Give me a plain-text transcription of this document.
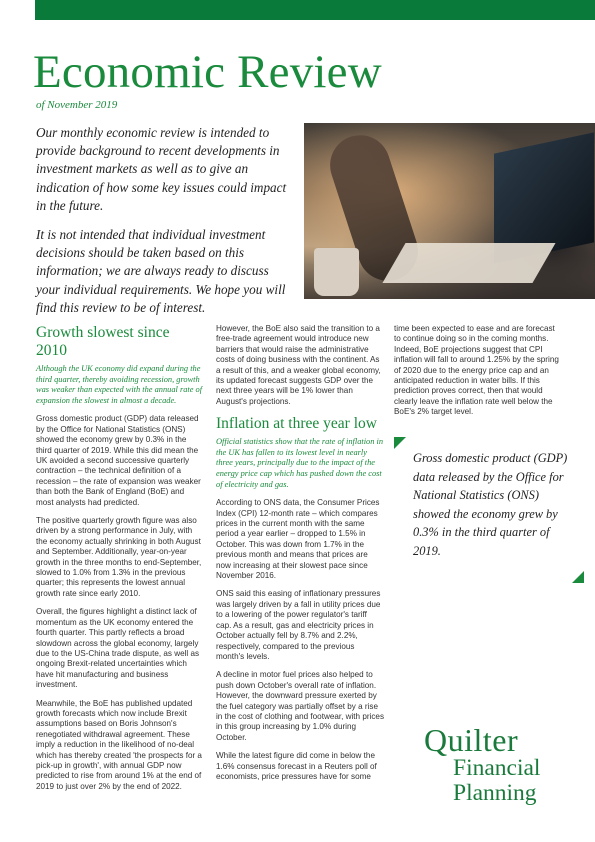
Economic Review
of November 2019

Our monthly economic review is intended to provide background to recent developments in investment markets as well as to give an indication of how some key issues could impact in the future.

It is not intended that individual investment decisions should be taken based on this information; we are always ready to discuss your individual requirements. We hope you will find this review to be of interest.

Growth slowest since 2010

Although the UK economy did expand during the third quarter, thereby avoiding recession, growth was weaker than expected with the annual rate of expansion the slowest in almost a decade.

Gross domestic product (GDP) data released by the Office for National Statistics (ONS) showed the economy grew by 0.3% in the third quarter of 2019. While this did mean the UK avoided a second successive quarterly contraction – the technical definition of a recession – the rate of expansion was weaker than both the Bank of England (BoE) and most analysts had predicted.

The positive quarterly growth figure was also driven by a strong performance in July, with the economy actually shrinking in both August and September. Additionally, year-on-year growth in the three months to end-September, slowed to 1.0% from 1.3% in the previous quarter; this represents the lowest annual growth rate since early 2010.

Overall, the figures highlight a distinct lack of momentum as the UK economy entered the fourth quarter. This partly reflects a broad slowdown across the global economy, largely due to the US-China trade dispute, as well as ongoing Brexit-related uncertainties which have hit manufacturing and business investment.

Meanwhile, the BoE has published updated growth forecasts which now include Brexit assumptions based on Boris Johnson's renegotiated withdrawal agreement. These imply a reduction in the likelihood of no-deal which has thereby created 'the prospects for a pick-up in growth', with annual GDP now predicted to rise from around 1% at the end of 2019 to just over 2% by the end of 2022.

However, the BoE also said the transition to a free-trade agreement would introduce new barriers that would raise the administrative costs of doing business with the continent. As a result of this, and a weaker global economy, its updated forecast suggests GDP over the next three years will be 1% lower than August's projections.

Inflation at three year low

Official statistics show that the rate of inflation in the UK has fallen to its lowest level in nearly three years, principally due to the impact of the energy price cap which has pushed down the cost of electricity and gas.

According to ONS data, the Consumer Prices Index (CPI) 12-month rate – which compares prices in the current month with the same period a year earlier – dropped to 1.5% in October. This was down from 1.7% in the previous month and means that prices are now increasing at their slowest pace since November 2016.

ONS said this easing of inflationary pressures was largely driven by a fall in utility prices due to a lowering of the power regulator's tariff cap. As a result, gas and electricity prices in October actually fell by 8.7% and 2.2%, respectively, compared to the previous month's levels.

A decline in motor fuel prices also helped to push down October's overall rate of inflation. However, the downward pressure exerted by the fuel category was partially offset by a rise in the cost of clothing and footwear, with prices in this group increasing by 1.0% during October.

While the latest figure did come in below the 1.6% consensus forecast in a Reuters poll of economists, price pressures have for some

time been expected to ease and are forecast to continue doing so in the coming months. Indeed, BoE projections suggest that CPI inflation will fall to around 1.25% by the spring of 2020 due to the energy price cap and an anticipated reduction in water bills. If this prediction proves correct, then that would clearly leave the inflation rate well below the BoE's 2% target level.

Gross domestic product (GDP) data released by the Office for National Statistics (ONS) showed the economy grew by 0.3% in the third quarter of 2019.
Quilter
Financial
Planning
